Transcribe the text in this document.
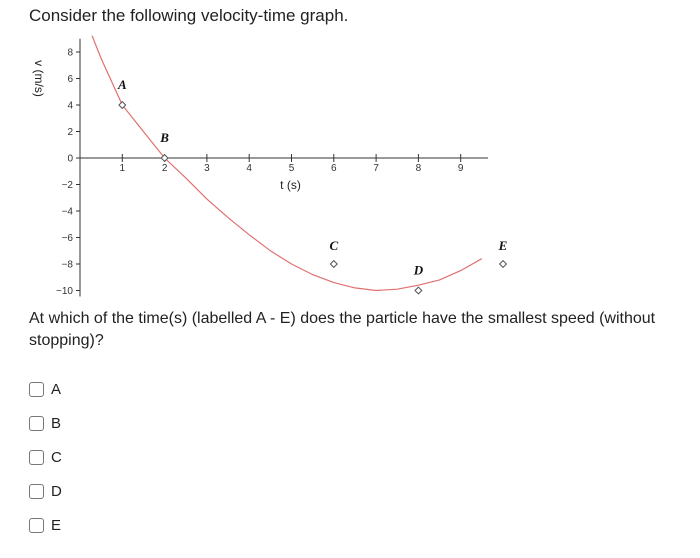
Consider the following velocity-time graph.
−10
−8
−6
−4
−2
0
2
4
6
8
1	2	3	4	5	6	7	8	9
A
B
C
D
E
t (s)
v (m/s)

At which of the time(s) (labelled A - E) does the particle have the smallest speed (without stopping)?

A
B
C
D
E
